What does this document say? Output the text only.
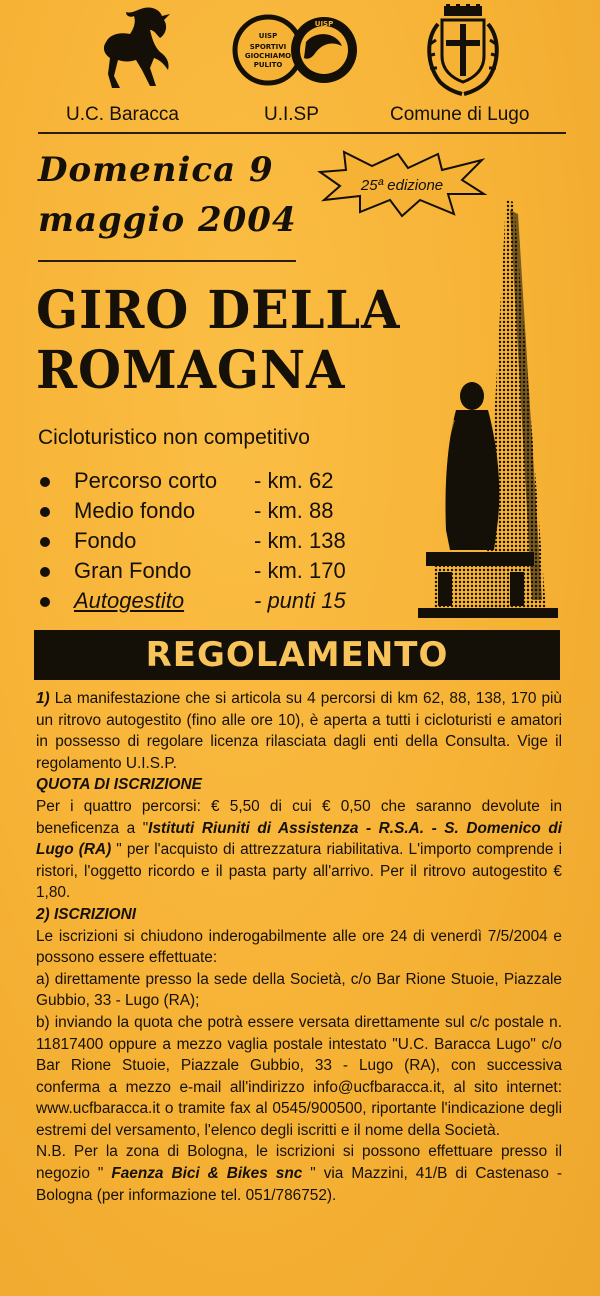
UISP
SPORTIVI
GIOCHIAMO
PULITO
UISP
U.C. Baracca	U.I.SP	Comune di Lugo
Domenica 9
maggio 2004
25ª edizione
GIRO DELLA
ROMAGNA
Cicloturistico non competitivo
Percorso corto - km. 62
Medio fondo	- km. 88
Fondo	- km. 138
Gran Fondo	- km. 170
Autogestito	- punti 15
REGOLAMENTO

1) La manifestazione che si articola su 4 percorsi di km 62, 88, 138, 170 più un ritrovo autogestito (fino alle ore 10), è aperta a tutti i cicloturisti e amatori in possesso di regolare licenza rilasciata dagli enti della Consulta. Vige il regolamento U.I.S.P.

QUOTA DI ISCRIZIONE

Per i quattro percorsi: € 5,50 di cui € 0,50 che saranno devolute in beneficenza a "Istituti Riuniti di Assistenza - R.S.A. - S. Domenico di Lugo (RA) " per l'acquisto di attrezzatura riabilitativa. L'importo comprende i ristori, l'oggetto ricordo e il pasta party all'arrivo. Per il ritrovo autogestito € 1,80.

2) ISCRIZIONI

Le iscrizioni si chiudono inderogabilmente alle ore 24 di venerdì 7/5/2004 e possono essere effettuate:

a) direttamente presso la sede della Società, c/o Bar Rione Stuoie, Piazzale Gubbio, 33 - Lugo (RA);

b) inviando la quota che potrà essere versata direttamente sul c/c postale n. 11817400 oppure a mezzo vaglia postale intestato "U.C. Baracca Lugo" c/o Bar Rione Stuoie, Piazzale Gubbio, 33 - Lugo (RA), con successiva conferma a mezzo e-mail all'indirizzo info@ucfbaracca.it, al sito internet: www.ucfbaracca.it o tramite fax al 0545/900500, riportante l'indicazione degli estremi del versamento, l'elenco degli iscritti e il nome della Società.

N.B. Per la zona di Bologna, le iscrizioni si possono effettuare presso il negozio " Faenza Bici & Bikes snc " via Mazzini, 41/B di Castenaso - Bologna (per informazione tel. 051/786752).
